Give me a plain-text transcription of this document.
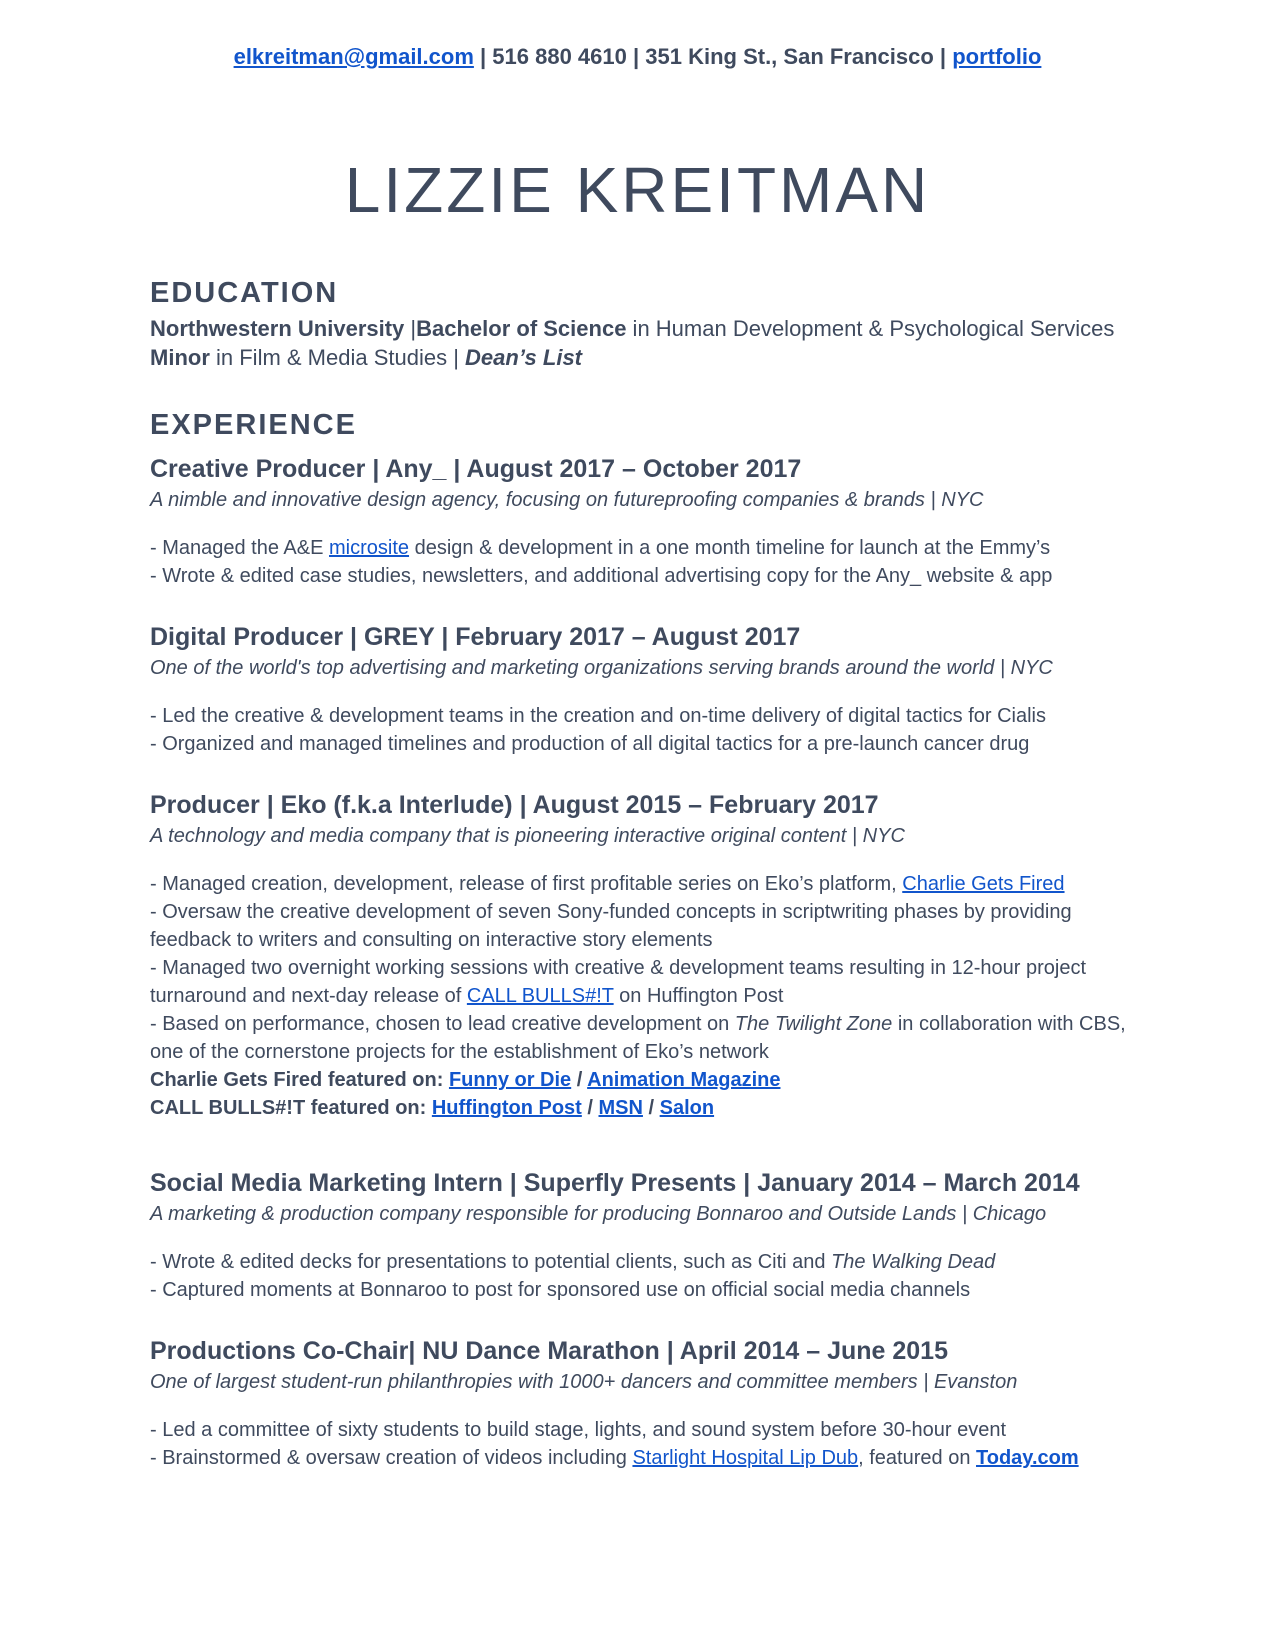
elkreitman@gmail.com | 516 880 4610 | 351 King St., San Francisco | portfolio
LIZZIE KREITMAN
EDUCATION

Northwestern University |Bachelor of Science in Human Development & Psychological Services

Minor in Film & Media Studies | Dean’s List

EXPERIENCE

Creative Producer | Any_ | August 2017 – October 2017

A nimble and innovative design agency, focusing on futureproofing companies & brands | NYC

- Managed the A&E microsite design & development in a one month timeline for launch at the Emmy’s
- Wrote & edited case studies, newsletters, and additional advertising copy for the Any_ website & app

Digital Producer | GREY | February 2017 – August 2017

One of the world's top advertising and marketing organizations serving brands around the world | NYC

- Led the creative & development teams in the creation and on-time delivery of digital tactics for Cialis
- Organized and managed timelines and production of all digital tactics for a pre-launch cancer drug

Producer | Eko (f.k.a Interlude) | August 2015 – February 2017

A technology and media company that is pioneering interactive original content | NYC

- Managed creation, development, release of first profitable series on Eko’s platform, Charlie Gets Fired
- Oversaw the creative development of seven Sony-funded concepts in scriptwriting phases by providing feedback to writers and consulting on interactive story elements
- Managed two overnight working sessions with creative & development teams resulting in 12-hour project turnaround and next-day release of CALL BULLS#!T on Huffington Post
- Based on performance, chosen to lead creative development on The Twilight Zone in collaboration with CBS, one of the cornerstone projects for the establishment of Eko’s network

Charlie Gets Fired featured on: Funny or Die / Animation Magazine

CALL BULLS#!T featured on: Huffington Post / MSN / Salon

Social Media Marketing Intern | Superfly Presents | January 2014 – March 2014

A marketing & production company responsible for producing Bonnaroo and Outside Lands | Chicago

- Wrote & edited decks for presentations to potential clients, such as Citi and The Walking Dead
- Captured moments at Bonnaroo to post for sponsored use on official social media channels

Productions Co-Chair| NU Dance Marathon | April 2014 – June 2015

One of largest student-run philanthropies with 1000+ dancers and committee members | Evanston

- Led a committee of sixty students to build stage, lights, and sound system before 30-hour event
- Brainstormed & oversaw creation of videos including Starlight Hospital Lip Dub, featured on Today.com
